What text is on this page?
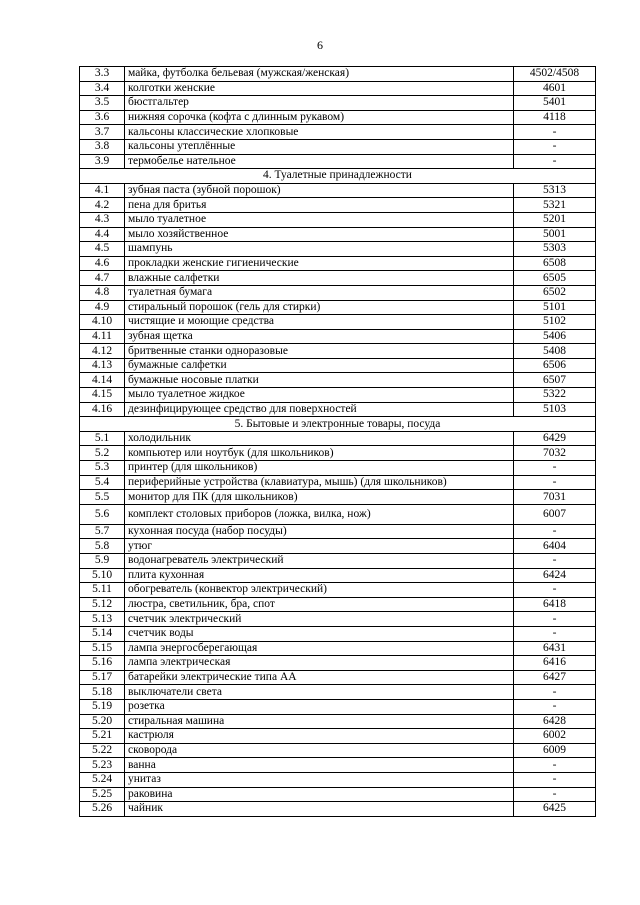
6
3.3	майка, футболка бельевая (мужская/женская)	4502/4508
3.4	колготки женские	4601
3.5	бюстгальтер	5401
3.6	нижняя сорочка (кофта с длинным рукавом)	4118
3.7	кальсоны классические хлопковые	-
3.8	кальсоны утеплённые	-
3.9	термобелье нательное	-
4. Туалетные принадлежности		
4.1	зубная паста (зубной порошок)	5313
4.2	пена для бритья	5321
4.3	мыло туалетное	5201
4.4	мыло хозяйственное	5001
4.5	шампунь	5303
4.6	прокладки женские гигиенические	6508
4.7	влажные салфетки	6505
4.8	туалетная бумага	6502
4.9	стиральный порошок (гель для стирки)	5101
4.10	чистящие и моющие средства	5102
4.11	зубная щетка	5406
4.12	бритвенные станки одноразовые	5408
4.13	бумажные салфетки	6506
4.14	бумажные носовые платки	6507
4.15	мыло туалетное жидкое	5322
4.16	дезинфицирующее средство для поверхностей	5103
5. Бытовые и электронные товары, посуда		
5.1	холодильник	6429
5.2	компьютер или ноутбук (для школьников)	7032
5.3	принтер (для школьников)	-
5.4	периферийные устройства (клавиатура, мышь) (для школьников)	-
5.5	монитор для ПК (для школьников)	7031
5.6	комплект столовых приборов (ложка, вилка, нож)	6007
5.7	кухонная посуда (набор посуды)	-
5.8	утюг	6404
5.9	водонагреватель электрический	-
5.10	плита кухонная	6424
5.11	обогреватель (конвектор электрический)	-
5.12	люстра, светильник, бра, спот	6418
5.13	счетчик электрический	-
5.14	счетчик воды	-
5.15	лампа энергосберегающая	6431
5.16	лампа электрическая	6416
5.17	батарейки электрические типа АА	6427
5.18	выключатели света	-
5.19	розетка	-
5.20	стиральная машина	6428
5.21	кастрюля	6002
5.22	сковорода	6009
5.23	ванна	-
5.24	унитаз	-
5.25	раковина	-
5.26	чайник	6425
